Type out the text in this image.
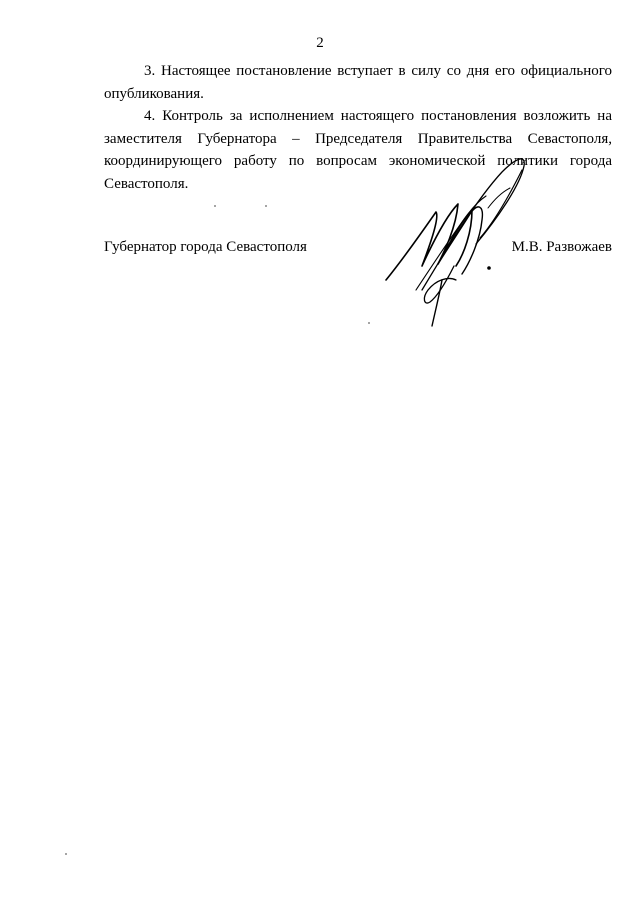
2

3. Настоящее постановление вступает в силу со дня его официального опубликования.

4. Контроль за исполнением настоящего постановления возложить на заместителя Губернатора – Председателя Правительства Севастополя, координирующего работу по вопросам экономической политики города Севастополя.

Губернатор города Севастополя	М.В. Развожаев
